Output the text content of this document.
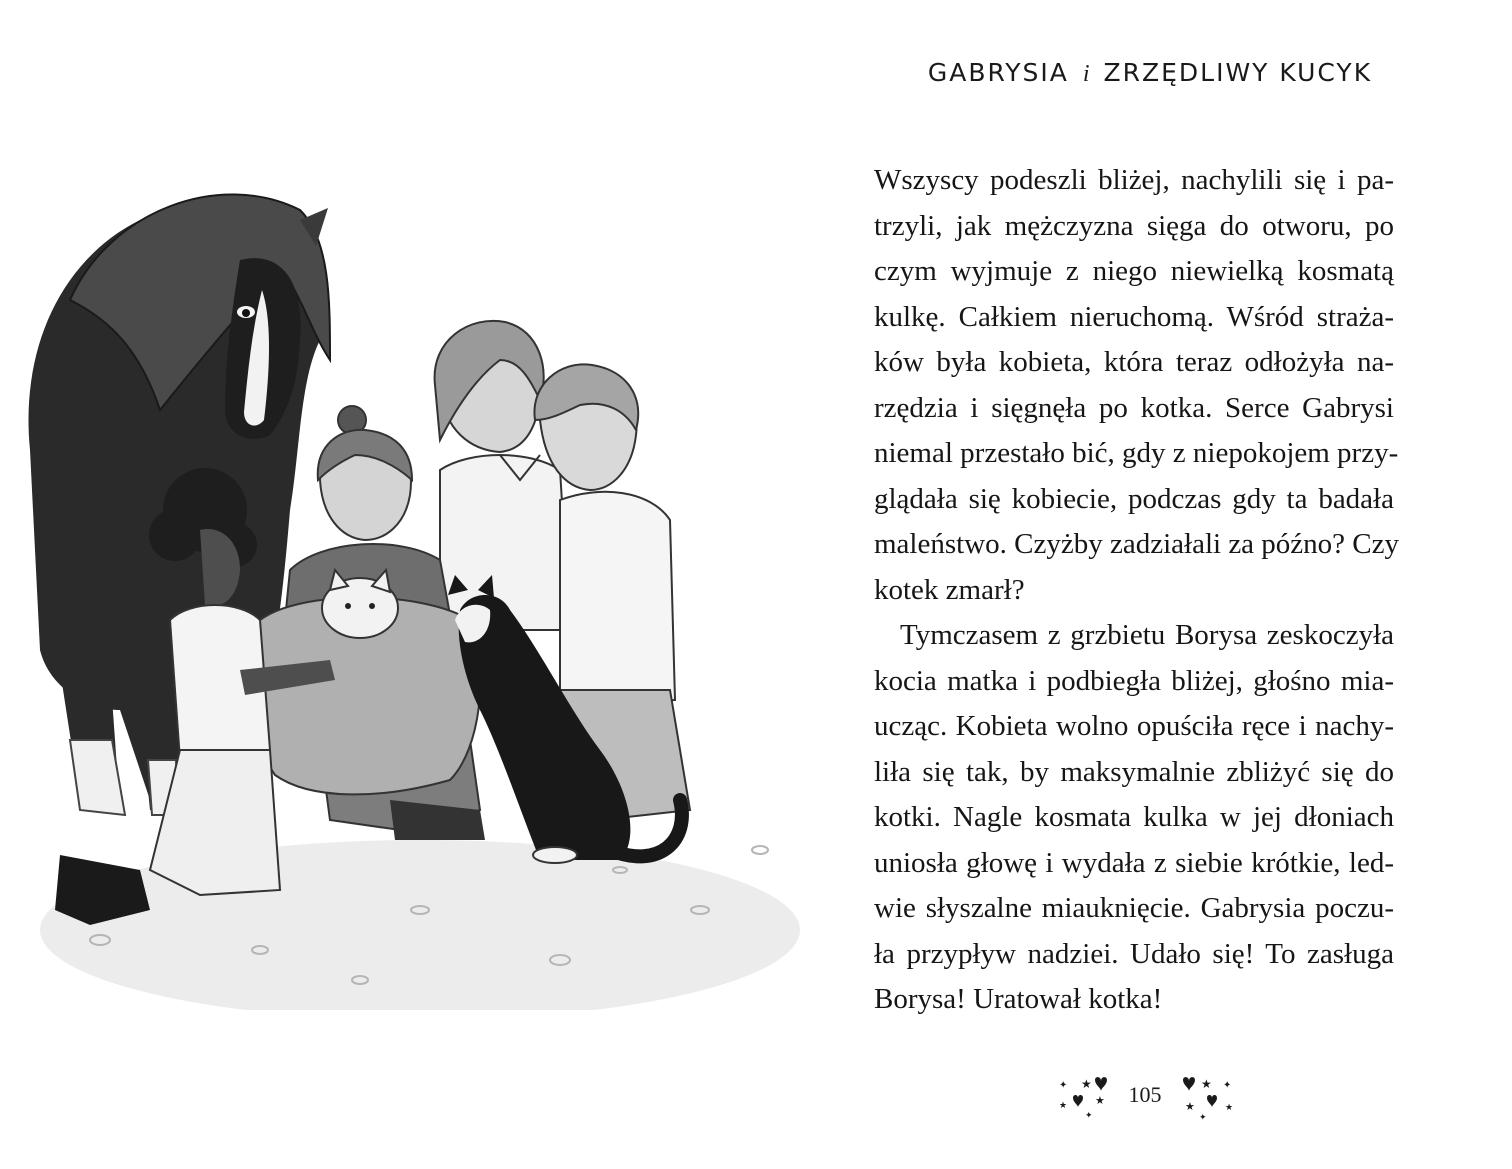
GABRYSIA i ZRZĘDLIWY KUCYK
Wszyscy podeszli bliżej, nachylili się i pa-
trzyli, jak mężczyzna sięga do otworu, po
czym wyjmuje z niego niewielką kosmatą
kulkę. Całkiem nieruchomą. Wśród straża-
ków była kobieta, która teraz odłożyła na-
rzędzia i sięgnęła po kotka. Serce Gabrysi
niemal przestało bić, gdy z niepokojem przy-
glądała się kobiecie, podczas gdy ta badała
maleństwo. Czyżby zadziałali za późno? Czy
kotek zmarł?
Tymczasem z grzbietu Borysa zeskoczyła
kocia matka i podbiegła bliżej, głośno mia-
ucząc. Kobieta wolno opuściła ręce i nachy-
liła się tak, by maksymalnie zbliżyć się do
kotki. Nagle kosmata kulka w jej dłoniach
uniosła głowę i wydała z siebie krótkie, led-
wie słyszalne miauknięcie. Gabrysia poczu-
ła przypływ nadziei. Udało się! To zasługa
Borysa! Uratował kotka!
★
✦
★
★
✦
105	★ ✦
★	★
✦
